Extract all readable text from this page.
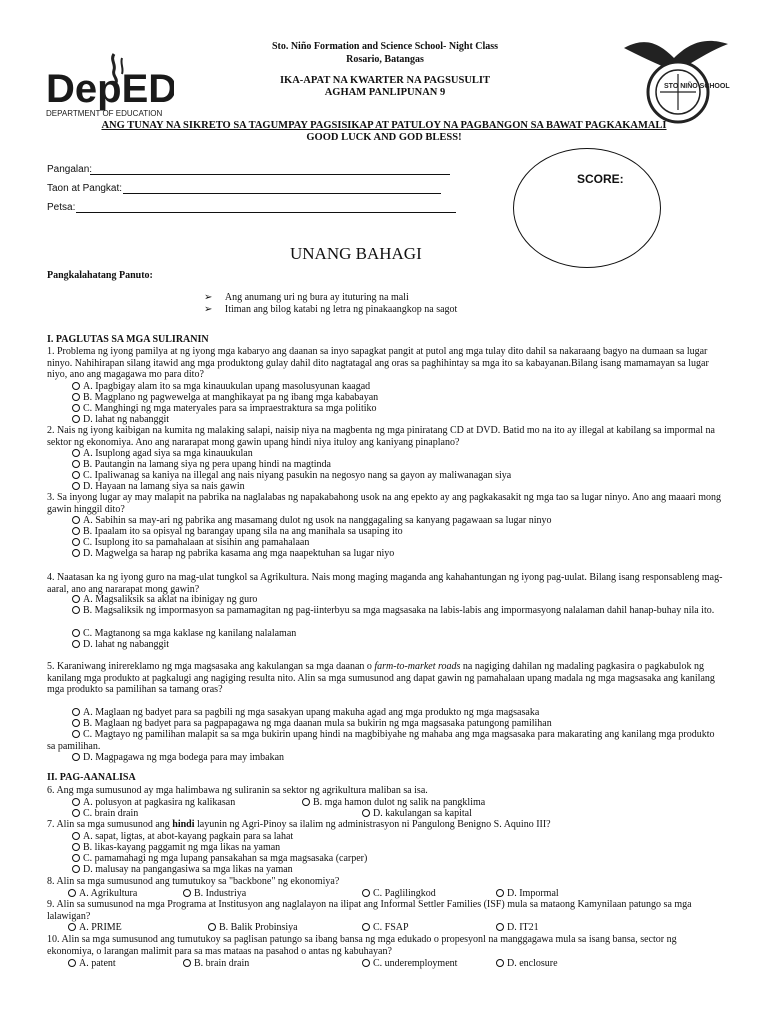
DepED
DEPARTMENT OF EDUCATION
STO NIÑO SCHOOL
Sto. Niño Formation and Science School- Night Class
Rosario, Batangas
IKA-APAT NA KWARTER NA PAGSUSULIT
AGHAM PANLIPUNAN 9
ANG TUNAY NA SIKRETO SA TAGUMPAY PAGSISIKAP AT PATULOY NA PAGBANGON SA BAWAT PAGKAKAMALI
GOOD LUCK AND GOD BLESS!
Pangalan:
Taon at Pangkat:
Petsa:
SCORE:
UNANG BAHAGI
Pangkalahatang Panuto:
➢     Ang anumang uri ng bura ay ituturing na mali
➢     Itiman ang bilog katabi ng letra ng pinakaangkop na sagot
I. PAGLUTAS SA MGA SULIRANIN
1. Problema ng iyong pamilya at ng iyong mga kabaryo ang daanan sa inyo sapagkat pangit at putol ang mga tulay dito dahil sa nakaraang bagyo na dumaan sa lugar ninyo. Nahihirapan silang itawid ang mga produktong gulay dahil dito nagtatagal ang oras sa paghihintay sa mga ito sa kabayanan.Bilang isang mamamayan sa lugar niyo, ano ang magagawa mo para dito?
A. Ipagbigay alam ito sa mga kinauukulan upang masolusyunan kaagad
B. Magplano ng pagwewelga at manghikayat pa ng ibang mga kababayan
C. Manghingi ng mga materyales para sa impraestraktura sa mga politiko
D. lahat ng nabanggit
2. Nais ng iyong kaibigan na kumita ng malaking salapi, naisip niya na magbenta ng mga piniratang CD at DVD. Batid mo na ito ay illegal at kabilang sa impormal na sektor ng ekonomiya. Ano ang nararapat mong gawin upang hindi niya ituloy ang kaniyang pinaplano?
A. Isuplong agad siya sa mga kinauukulan
B. Pautangin na lamang siya ng pera upang hindi na magtinda
C. Ipaliwanag sa kaniya na illegal ang nais niyang pasukin na negosyo nang sa gayon ay maliwanagan siya
D. Hayaan na lamang siya sa nais gawin
3. Sa inyong lugar ay may malapit na pabrika na naglalabas ng napakabahong usok na ang epekto ay ang pagkakasakit ng mga tao sa lugar ninyo. Ano ang maaari mong gawin hinggil dito?
A. Sabihin sa may-ari ng pabrika ang masamang dulot ng usok na nanggagaling sa kanyang pagawaan sa lugar ninyo
B. Ipaalam ito sa opisyal ng barangay upang sila na ang manihala sa usaping ito
C. Isuplong ito sa pamahalaan at sisihin ang pamahalaan
D. Magwelga sa harap ng pabrika kasama ang mga naapektuhan sa lugar niyo
4. Naatasan ka ng iyong guro na mag-ulat tungkol sa Agrikultura. Nais mong maging maganda ang kahahantungan ng iyong pag-uulat. Bilang isang responsableng mag-aaral, ano ang nararapat mong gawin?
A. Magsaliksik sa aklat na ibinigay ng guro
B. Magsaliksik ng impormasyon sa pamamagitan ng pag-iinterbyu sa mga magsasaka na labis-labis ang impormasyong nalalaman dahil hanap-buhay nila ito.
C. Magtanong sa mga kaklase ng kanilang nalalaman
D. lahat ng nabanggit
5. Karaniwang inirereklamo ng mga magsasaka ang kakulangan sa mga daanan o farm-to-market roads na nagiging dahilan ng madaling pagkasira o pagkabulok ng kanilang mga produkto at pagkalugi ang nagiging resulta nito. Alin sa mga sumusunod ang dapat gawin ng pamahalaan upang madala ng mga magsasaka ang kanilang mga produkto sa pamilihan sa tamang oras?
A. Maglaan ng badyet para sa pagbili ng mga sasakyan upang makuha agad ang mga produkto ng mga magsasaka
B. Maglaan ng badyet para sa pagpapagawa ng mga daanan mula sa bukirin ng mga magsasaka patungong pamilihan
C. Magtayo ng pamilihan malapit sa sa mga bukirin upang hindi na magbibiyahe ng mahaba ang mga magsasaka para makarating ang kanilang mga produkto sa pamilihan.
D. Magpagawa ng mga bodega para may imbakan
II. PAG-AANALISA
6. Ang mga sumusunod ay mga halimbawa ng suliranin sa sektor ng agrikultura maliban sa isa.
A. polusyon at pagkasira ng kalikasan	B. mga hamon dulot ng salik na pangklima
C. brain drain	D. kakulangan sa kapital
7. Alin sa mga sumusunod ang hindi layunin ng Agri-Pinoy sa ilalim ng administrasyon ni Pangulong Benigno S. Aquino III?
A. sapat, ligtas, at abot-kayang pagkain para sa lahat
B. likas-kayang paggamit ng mga likas na yaman
C. pamamahagi ng mga lupang pansakahan sa mga magsasaka (carper)
D. malusay na pangangasiwa sa mga likas na yaman
8. Alin sa mga sumusunod ang tumutukoy sa "backbone" ng ekonomiya?
A. Agrikultura	B. Industriya	C. Paglilingkod	D. Impormal
9. Alin sa sumusunod na mga Programa at Institusyon ang naglalayon na ilipat ang Informal Settler Families (ISF) mula sa mataong Kamynilaan patungo sa mga lalawigan?
A. PRIME	B. Balik Probinsiya	C. FSAP	D. IT21
10. Alin sa mga sumusunod ang tumutukoy sa paglisan patungo sa ibang bansa ng mga edukado o propesyonl na manggagawa mula sa isang bansa, sector ng ekonomiya, o larangan malimit para sa mas mataas na pasahod o antas ng kabuhayan?
A. patent	B. brain drain	C. underemployment	D. enclosure
